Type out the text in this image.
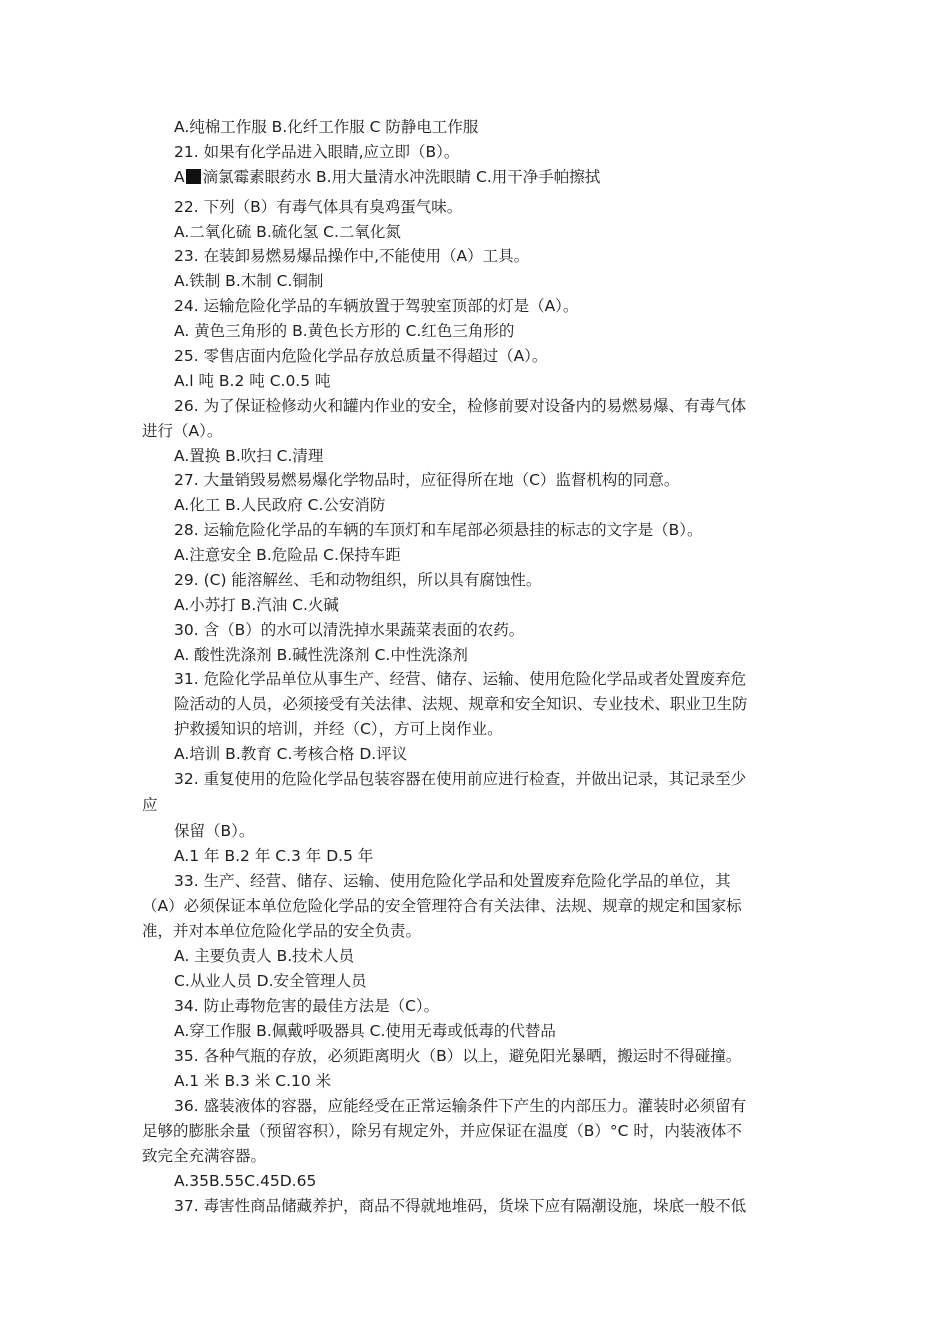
A.纯棉工作服 B.化纤工作服 C 防静电工作服
21. 如果有化学品进入眼睛,应立即（B）。
A 滴氯霉素眼药水 B.用大量清水冲洗眼睛 C.用干净手帕擦拭
22. 下列（B）有毒气体具有臭鸡蛋气味。
A.二氧化硫 B.硫化氢 C.二氧化氮
23. 在装卸易燃易爆品操作中,不能使用（A）工具。
A.铁制 B.木制 C.铜制
24. 运输危险化学品的车辆放置于驾驶室顶部的灯是（A）。
A. 黄色三角形的 B.黄色长方形的 C.红色三角形的
25. 零售店面内危险化学品存放总质量不得超过（A）。
A.l 吨 B.2 吨 C.0.5 吨
26. 为了保证检修动火和罐内作业的安全，检修前要对设备内的易燃易爆、有毒气体
进行（A）。
A.置换 B.吹扫 C.清理
27. 大量销毁易燃易爆化学物品时，应征得所在地（C）监督机构的同意。
A.化工 B.人民政府 C.公安消防
28. 运输危险化学品的车辆的车顶灯和车尾部必须悬挂的标志的文字是（B）。
A.注意安全 B.危险品 C.保持车距
29. (C) 能溶解丝、毛和动物组织，所以具有腐蚀性。
A.小苏打 B.汽油 C.火碱
30. 含（B）的水可以清洗掉水果蔬菜表面的农药。
A. 酸性洗涤剂 B.碱性洗涤剂 C.中性洗涤剂
31. 危险化学品单位从事生产、经营、储存、运输、使用危险化学品或者处置废弃危
险活动的人员，必须接受有关法律、法规、规章和安全知识、专业技术、职业卫生防
护救援知识的培训，并经（C），方可上岗作业。
A.培训 B.教育 C.考核合格 D.评议
32. 重复使用的危险化学品包装容器在使用前应进行检查，并做出记录，其记录至少
应
保留（B）。
A.1 年 B.2 年 C.3 年 D.5 年
33. 生产、经营、储存、运输、使用危险化学品和处置废弃危险化学品的单位，其
（A）必须保证本单位危险化学品的安全管理符合有关法律、法规、规章的规定和国家标
准，并对本单位危险化学品的安全负责。
A. 主要负责人 B.技术人员
C.从业人员 D.安全管理人员
34. 防止毒物危害的最佳方法是（C）。
A.穿工作服 B.佩戴呼吸器具 C.使用无毒或低毒的代替品
35. 各种气瓶的存放，必须距离明火（B）以上，避免阳光暴晒，搬运时不得碰撞。
A.1 米 B.3 米 C.10 米
36. 盛装液体的容器，应能经受在正常运输条件下产生的内部压力。灌装时必须留有
足够的膨胀余量（预留容积），除另有规定外，并应保证在温度（B）°C 时，内装液体不
致完全充满容器。
A.35B.55C.45D.65
37. 毒害性商品储藏养护，商品不得就地堆码，货垛下应有隔潮设施，垛底一般不低
